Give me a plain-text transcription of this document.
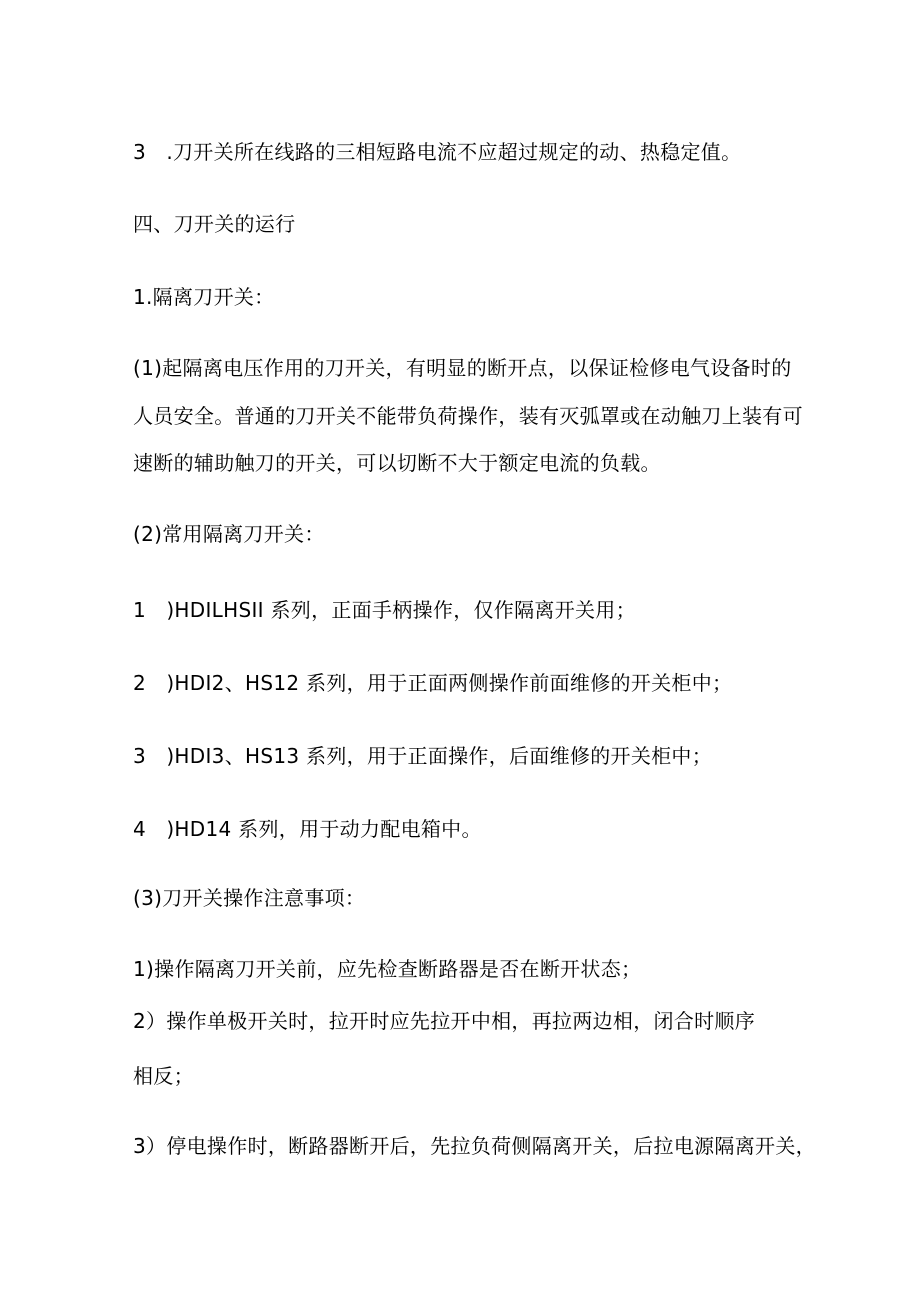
3　.刀开关所在线路的三相短路电流不应超过规定的动、热稳定值。
四、刀开关的运行
1.隔离刀开关：
(1)起隔离电压作用的刀开关，有明显的断开点，以保证检修电气设备时的
人员安全。普通的刀开关不能带负荷操作，装有灭弧罩或在动触刀上装有可
速断的辅助触刀的开关，可以切断不大于额定电流的负载。
(2)常用隔离刀开关：
1　)HDILHSII 系列，正面手柄操作，仅作隔离开关用；
2　)HDI2、HS12 系列，用于正面两侧操作前面维修的开关柜中；
3　)HDI3、HS13 系列，用于正面操作，后面维修的开关柜中；
4　)HD14 系列，用于动力配电箱中。
(3)刀开关操作注意事项：
1)操作隔离刀开关前，应先检查断路器是否在断开状态；
2）操作单极开关时，拉开时应先拉开中相，再拉两边相，闭合时顺序
相反；
3）停电操作时，断路器断开后，先拉负荷侧隔离开关，后拉电源隔离开关，
